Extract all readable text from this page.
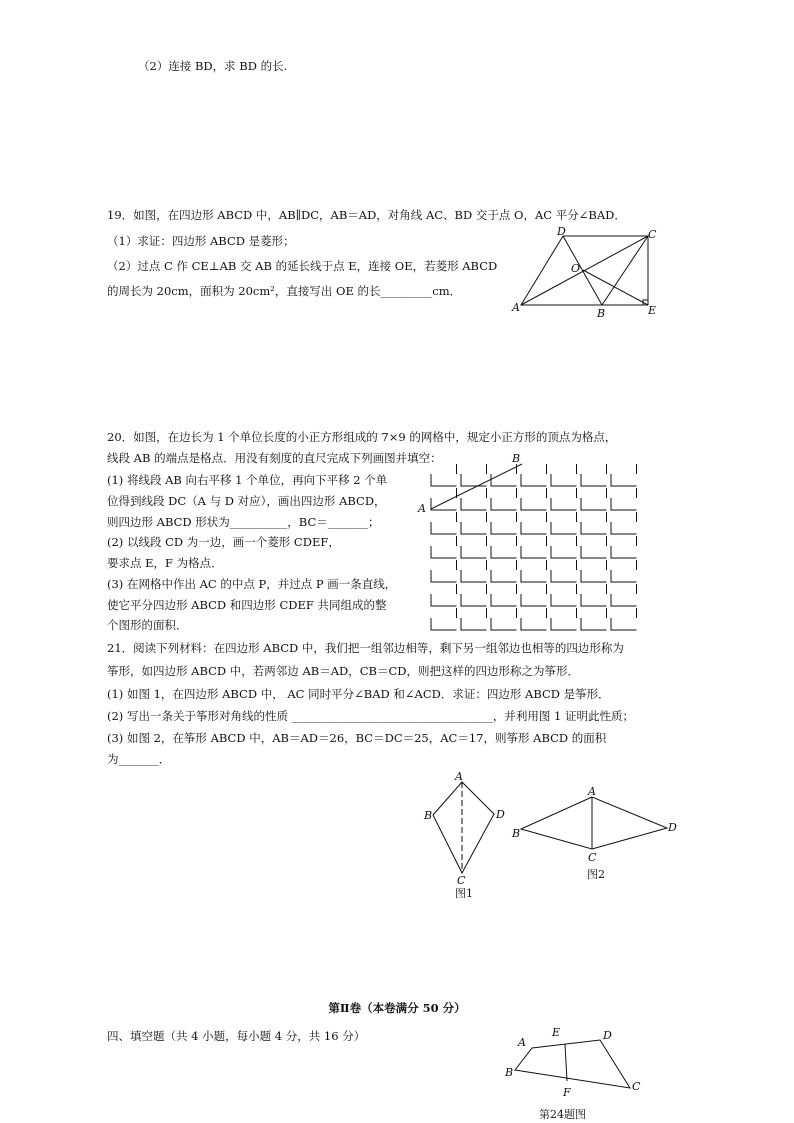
（2）连接 BD，求 BD 的长.
19．如图，在四边形 ABCD 中，AB∥DC，AB＝AD，对角线 AC、BD 交于点 O，AC 平分∠BAD．
（1）求证：四边形 ABCD 是菱形；
（2）过点 C 作 CE⊥AB 交 AB 的延长线于点 E，连接 OE，若菱形 ABCD
的周长为 20cm，面积为 20cm²，直接写出 OE 的长_________cm．
A	B
C
D
O
E
20．如图，在边长为 1 个单位长度的小正方形组成的 7×9 的网格中，规定小正方形的顶点为格点，
线段 AB 的端点是格点．用没有刻度的直尺完成下列画图并填空：
(1) 将线段 AB 向右平移 1 个单位，再向下平移 2 个单
位得到线段 DC（A 与 D 对应），画出四边形 ABCD，
则四边形 ABCD 形状为__________，BC＝_______；
(2) 以线段 CD 为一边，画一个菱形 CDEF，
要求点 E，F 为格点．
(3) 在网格中作出 AC 的中点 P，并过点 P 画一条直线，
使它平分四边形 ABCD 和四边形 CDEF 共同组成的整
个图形的面积．
A
B
21．阅读下列材料：在四边形 ABCD 中，我们把一组邻边相等，剩下另一组邻边也相等的四边形称为
筝形，如四边形 ABCD 中，若两邻边 AB＝AD，CB＝CD，则把这样的四边形称之为筝形．
(1) 如图 1，在四边形 ABCD 中， AC 同时平分∠BAD 和∠ACD．求证：四边形 ABCD 是筝形．
(2) 写出一条关于筝形对角线的性质 ___________________________________，并利用图 1 证明此性质；
(3) 如图 2，在筝形 ABCD 中，AB＝AD＝26，BC＝DC＝25，AC＝17，则筝形 ABCD 的面积
为_______．
A
B
C
D
图1
A
B
C
D
图2
第Ⅱ卷（本卷满分 50 分）
四、填空题（共 4 小题，每小题 4 分，共 16 分）	A
B
C
D
E
F
第24题图
